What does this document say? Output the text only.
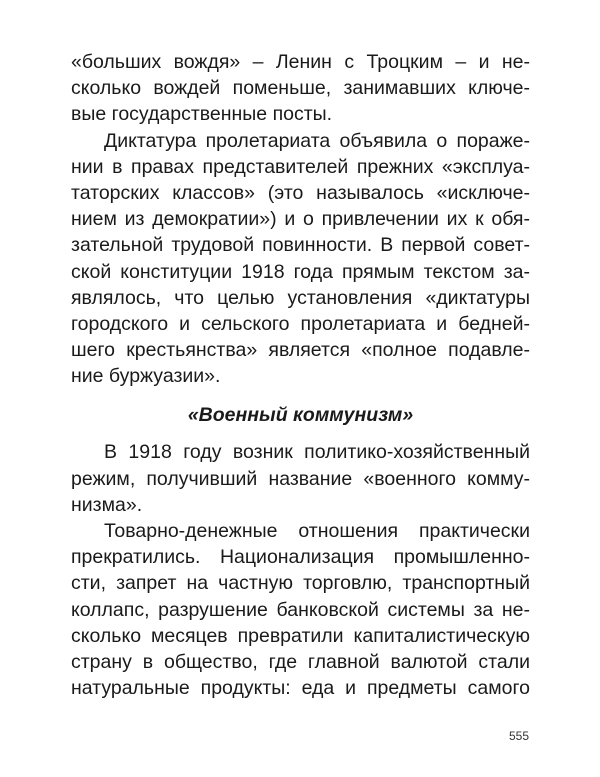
«больших вождя» – Ленин с Троцким – и не-
сколько вождей поменьше, занимавших ключе-
вые государственные посты.
Диктатура пролетариата объявила о пораже-
нии в правах представителей прежних «эксплуа-
таторских классов» (это называлось «исключе-
нием из демократии») и о привлечении их к обя-
зательной трудовой повинности. В первой совет-
ской конституции 1918 года прямым текстом за-
являлось, что целью установления «диктатуры
городского и сельского пролетариата и бедней-
шего крестьянства» является «полное подавле-
ние буржуазии».
«Военный коммунизм»
В 1918 году возник политико-хозяйственный
режим, получивший название «военного комму-
низма».
Товарно-денежные отношения практически
прекратились. Национализация промышленно-
сти, запрет на частную торговлю, транспортный
коллапс, разрушение банковской системы за не-
сколько месяцев превратили капиталистическую
страну в общество, где главной валютой стали
натуральные продукты: еда и предметы самого
555
